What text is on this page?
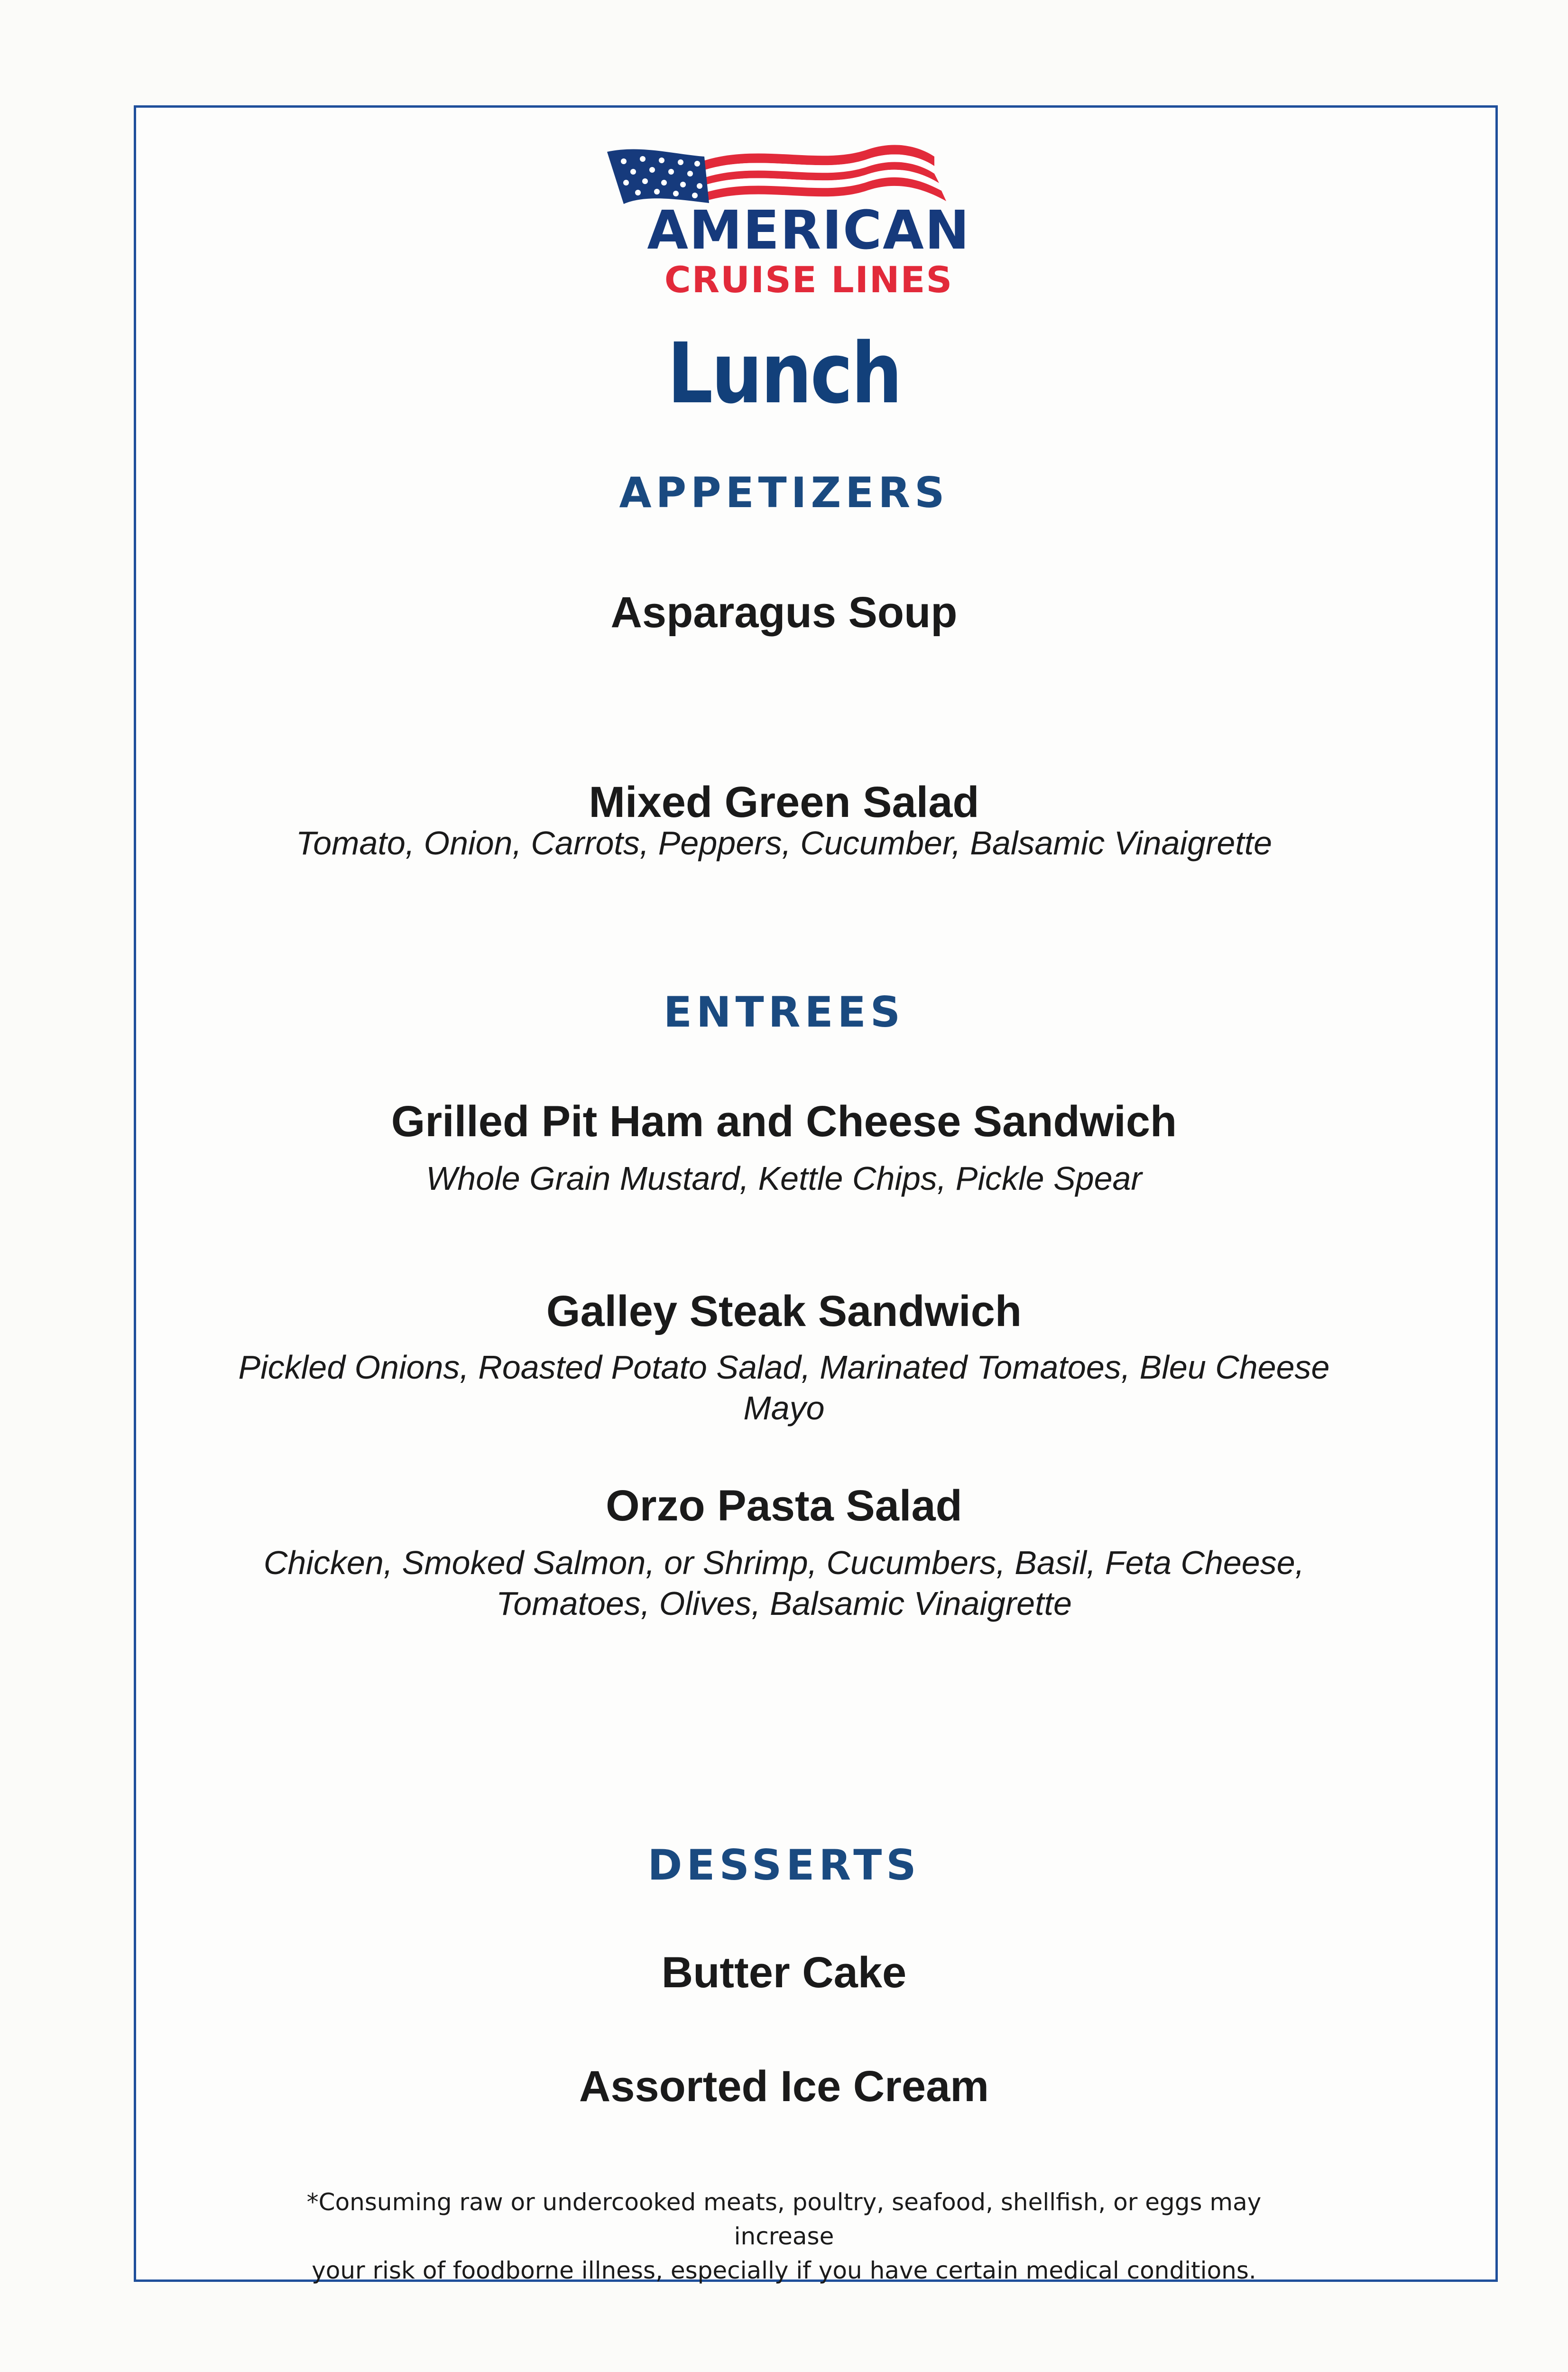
AMERICAN
CRUISE LINES
Lunch
APPETIZERS
Asparagus Soup
Mixed Green Salad
Tomato, Onion, Carrots, Peppers, Cucumber, Balsamic Vinaigrette
ENTREES
Grilled Pit Ham and Cheese Sandwich
Whole Grain Mustard, Kettle Chips, Pickle Spear
Galley Steak Sandwich
Pickled Onions, Roasted Potato Salad, Marinated Tomatoes, Bleu Cheese
Mayo
Orzo Pasta Salad
Chicken, Smoked Salmon, or Shrimp, Cucumbers, Basil, Feta Cheese,
Tomatoes, Olives, Balsamic Vinaigrette
DESSERTS
Butter Cake
Assorted Ice Cream
*Consuming raw or undercooked meats, poultry, seafood, shellfish, or eggs may increase
your risk of foodborne illness, especially if you have certain medical conditions.
